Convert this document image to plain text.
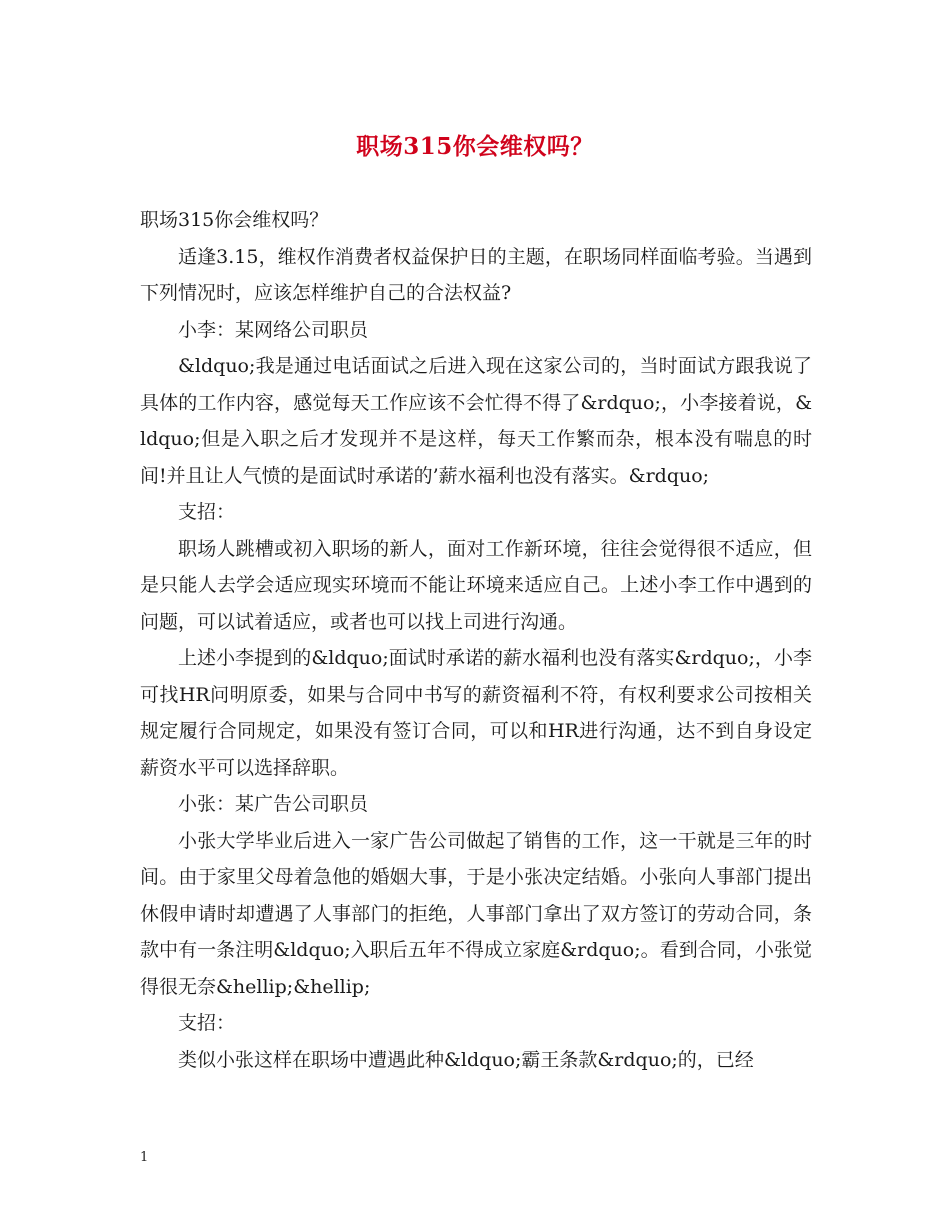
职场315你会维权吗？

职场315你会维权吗？

适逢3.15，维权作消费者权益保护日的主题，在职场同样面临考验。当遇到下列情况时，应该怎样维护自己的合法权益?

小李：某网络公司职员

&ldquo;我是通过电话面试之后进入现在这家公司的，当时面试方跟我说了具体的工作内容，感觉每天工作应该不会忙得不得了&rdquo;，小李接着说，&ldquo;但是入职之后才发现并不是这样，每天工作繁而杂，根本没有喘息的时间!并且让人气愤的是面试时承诺的’薪水福利也没有落实。&rdquo;

支招：

职场人跳槽或初入职场的新人，面对工作新环境，往往会觉得很不适应，但是只能人去学会适应现实环境而不能让环境来适应自己。上述小李工作中遇到的问题，可以试着适应，或者也可以找上司进行沟通。

上述小李提到的&ldquo;面试时承诺的薪水福利也没有落实&rdquo;，小李可找HR问明原委，如果与合同中书写的薪资福利不符，有权利要求公司按相关规定履行合同规定，如果没有签订合同，可以和HR进行沟通，达不到自身设定薪资水平可以选择辞职。

小张：某广告公司职员

小张大学毕业后进入一家广告公司做起了销售的工作，这一干就是三年的时间。由于家里父母着急他的婚姻大事，于是小张决定结婚。小张向人事部门提出休假申请时却遭遇了人事部门的拒绝，人事部门拿出了双方签订的劳动合同，条款中有一条注明&ldquo;入职后五年不得成立家庭&rdquo;。看到合同，小张觉得很无奈&hellip;&hellip;

支招：

类似小张这样在职场中遭遇此种&ldquo;霸王条款&rdquo;的，已经

1
